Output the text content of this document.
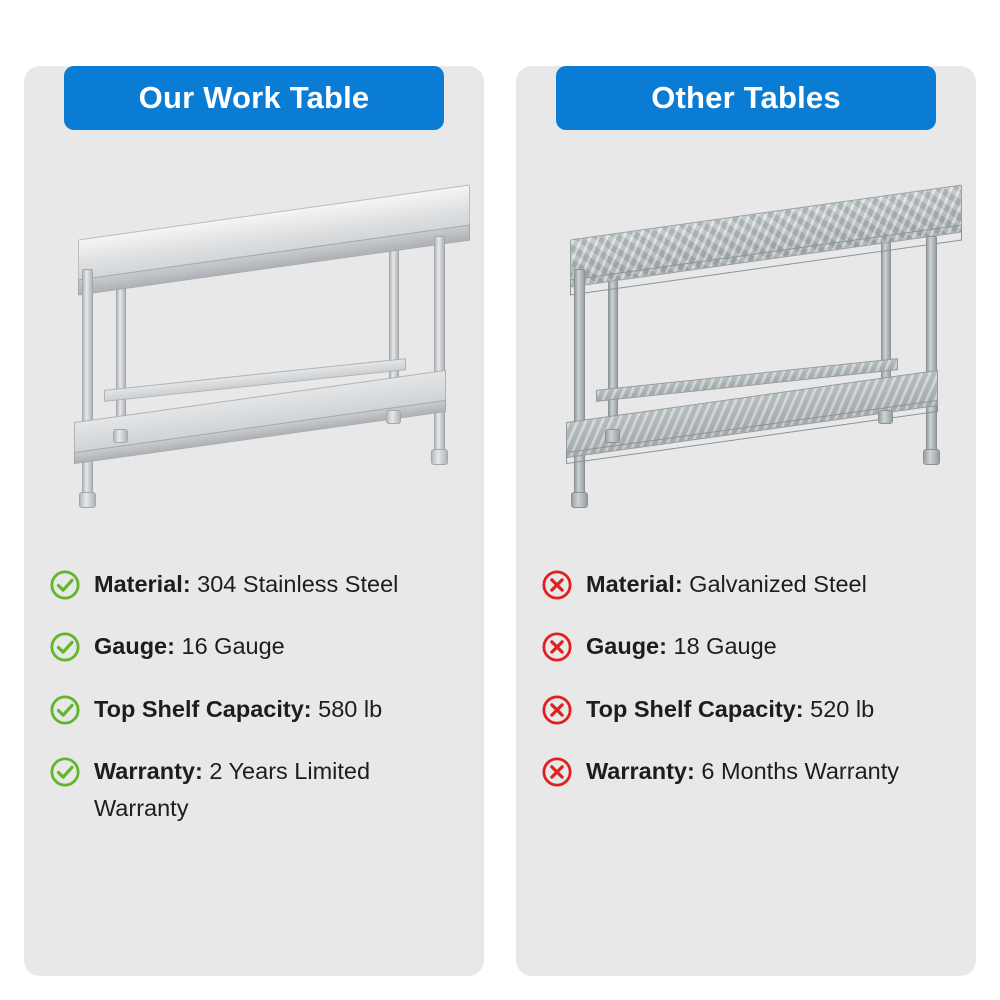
Our Work Table
Material: 304 Stainless Steel
Gauge: 16 Gauge
Top Shelf Capacity: 580 lb
Warranty: 2 Years Limited Warranty
Other Tables
Material: Galvanized Steel
Gauge: 18 Gauge
Top Shelf Capacity: 520 lb
Warranty: 6 Months Warranty
